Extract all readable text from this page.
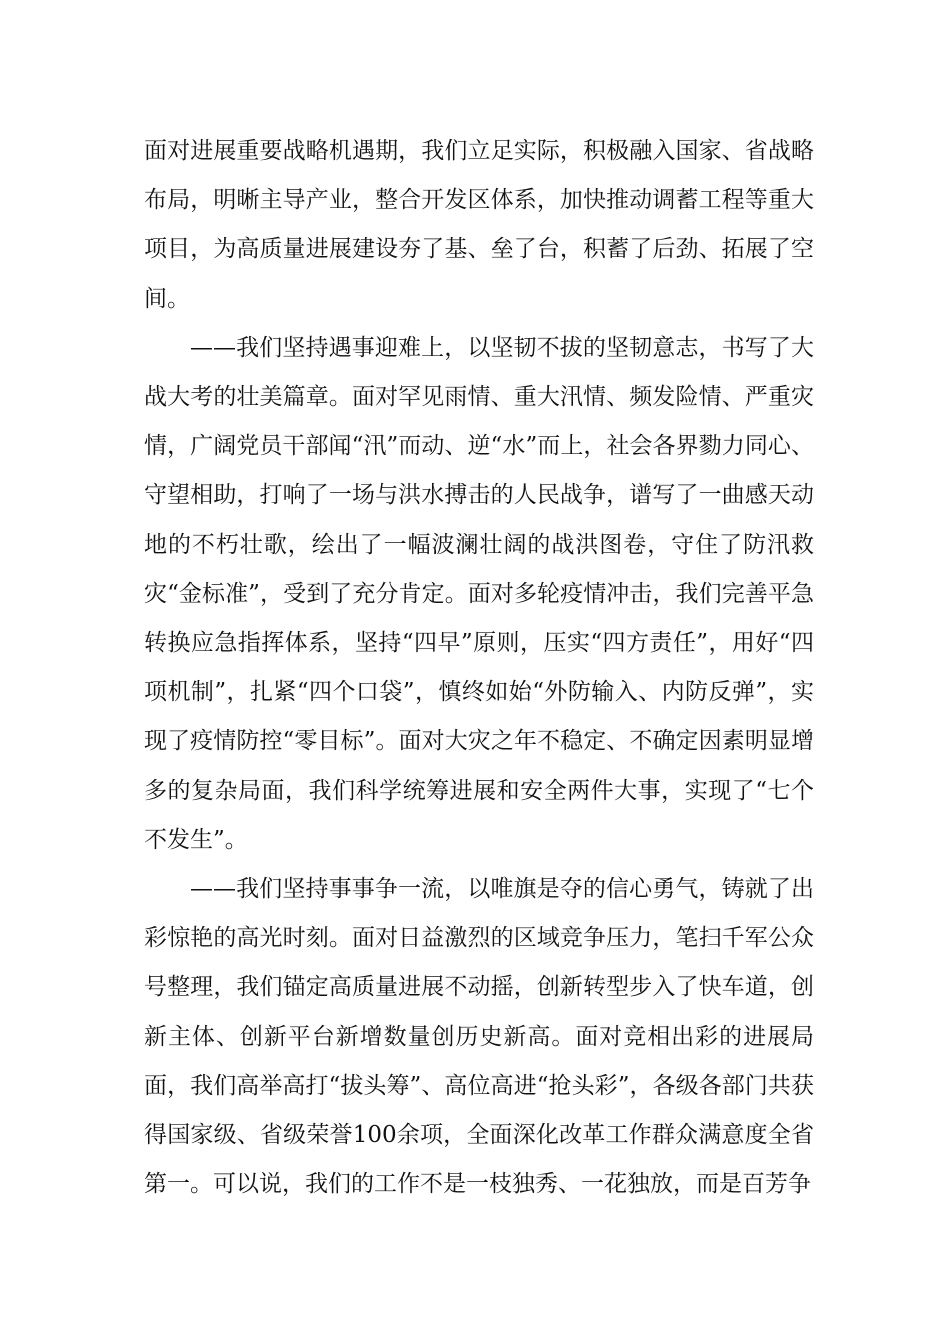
面对进展重要战略机遇期，我们立足实际，积极融入国家、省战略布局，明晰主导产业，整合开发区体系，加快推动调蓄工程等重大项目，为高质量进展建设夯了基、垒了台，积蓄了后劲、拓展了空间。

——我们坚持遇事迎难上，以坚韧不拔的坚韧意志，书写了大战大考的壮美篇章。面对罕见雨情、重大汛情、频发险情、严重灾情，广阔党员干部闻“汛”而动、逆“水”而上，社会各界勠力同心、守望相助，打响了一场与洪水搏击的人民战争，谱写了一曲感天动地的不朽壮歌，绘出了一幅波澜壮阔的战洪图卷，守住了防汛救灾“金标准”，受到了充分肯定。面对多轮疫情冲击，我们完善平急转换应急指挥体系，坚持“四早”原则，压实“四方责任”，用好“四项机制”，扎紧“四个口袋”，慎终如始“外防输入、内防反弹”，实现了疫情防控“零目标”。面对大灾之年不稳定、不确定因素明显增多的复杂局面，我们科学统筹进展和安全两件大事，实现了“七个不发生”。

——我们坚持事事争一流，以唯旗是夺的信心勇气，铸就了出彩惊艳的高光时刻。面对日益激烈的区域竞争压力，笔扫千军公众号整理，我们锚定高质量进展不动摇，创新转型步入了快车道，创新主体、创新平台新增数量创历史新高。面对竞相出彩的进展局面，我们高举高打“拔头筹”、高位高进“抢头彩”，各级各部门共获得国家级、省级荣誉100余项，全面深化改革工作群众满意度全省第一。可以说，我们的工作不是一枝独秀、一花独放，而是百芳争
